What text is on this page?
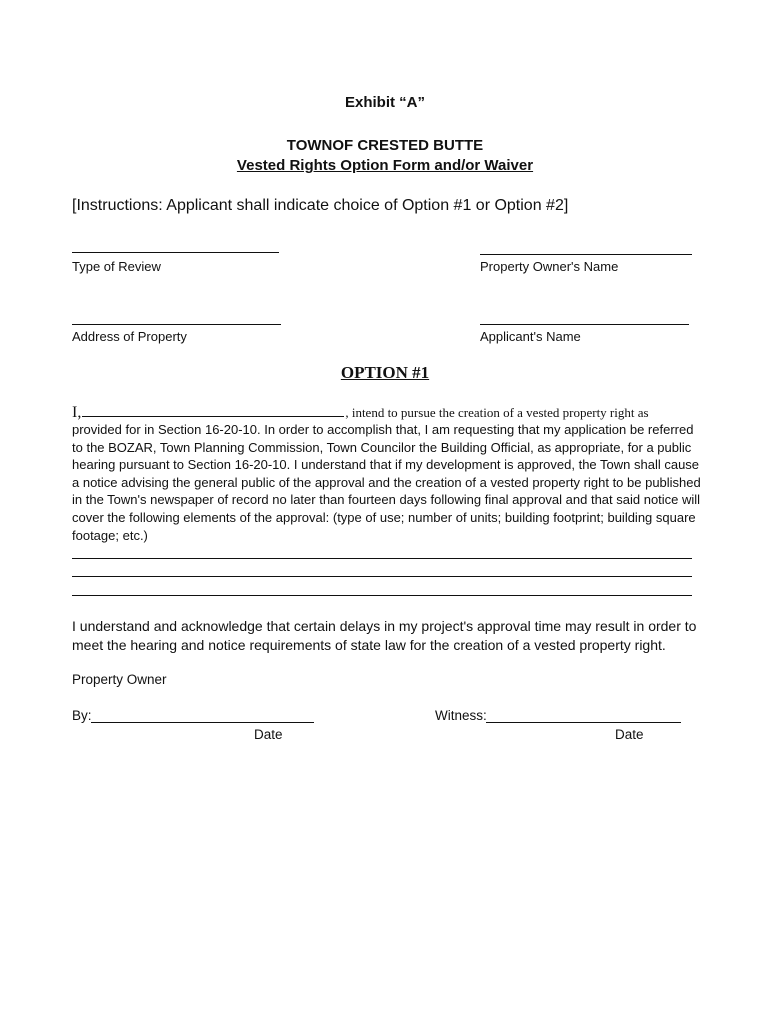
Exhibit “A”
TOWNOF CRESTED BUTTE
Vested Rights Option Form and/or Waiver
[Instructions: Applicant shall indicate choice of Option #1 or Option #2]
Type of Review	Property Owner's Name
Address of Property	Applicant's Name
OPTION #1
I,	, intend to pursue the creation of a vested property right as
provided for in Section 16-20-10. In order to accomplish that, I am requesting that my application be referred to the BOZAR, Town Planning Commission, Town Councilor the Building Official, as appropriate, for a public hearing pursuant to Section 16-20-10. I understand that if my development is approved, the Town shall cause a notice advising the general public of the approval and the creation of a vested property right to be published in the Town's newspaper of record no later than fourteen days following final approval and that said notice will cover the following elements of the approval: (type of use; number of units; building footprint; building square footage; etc.)
I understand and acknowledge that certain delays in my project's approval time may result in order to meet the hearing and notice requirements of state law for the creation of a vested property right.
Property Owner
By:
Date
Witness:
Date
